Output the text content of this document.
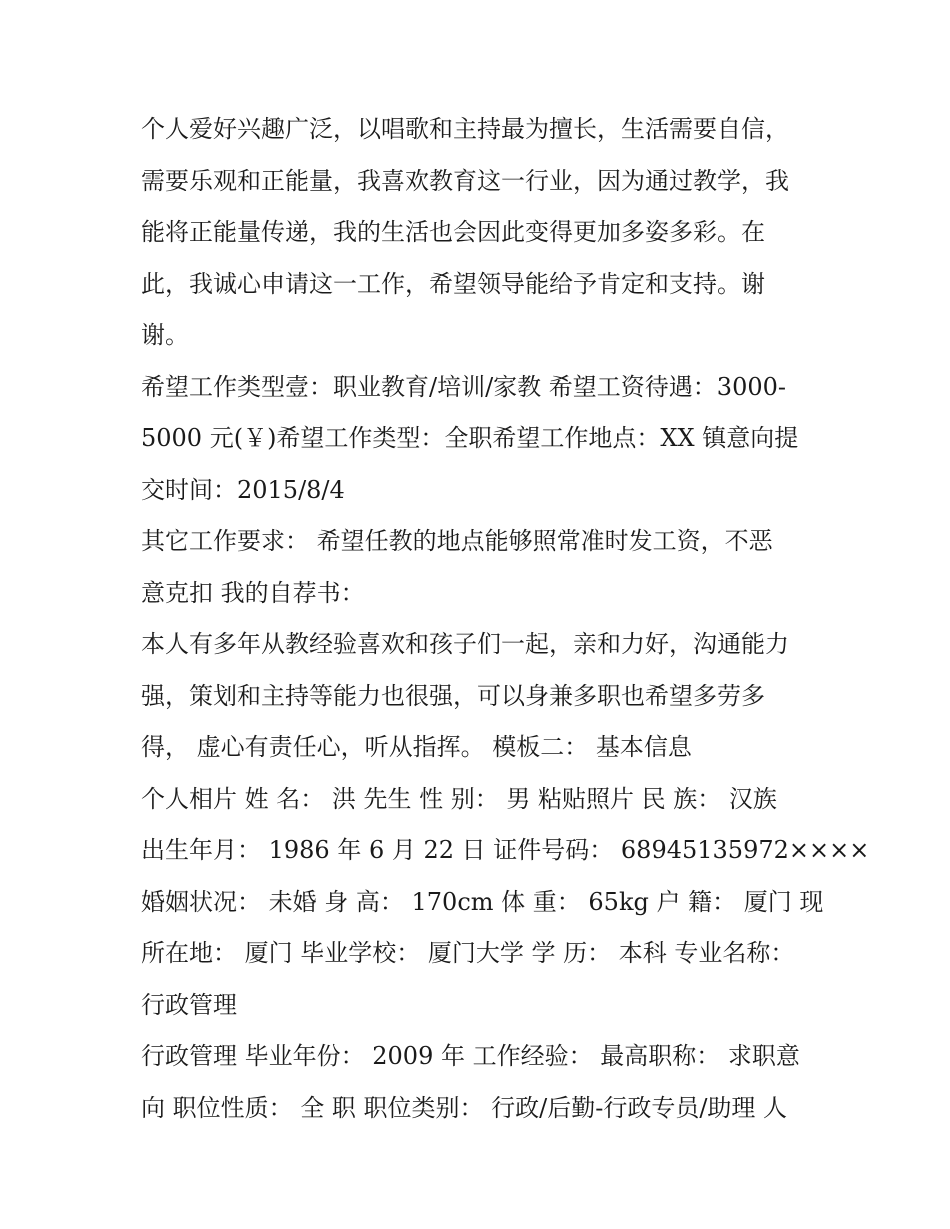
个人爱好兴趣广泛，以唱歌和主持最为擅长，生活需要自信，
需要乐观和正能量，我喜欢教育这一行业，因为通过教学，我
能将正能量传递，我的生活也会因此变得更加多姿多彩。在
此，我诚心申请这一工作，希望领导能给予肯定和支持。谢
谢。
希望工作类型壹：职业教育/培训/家教 希望工资待遇：3000-
5000 元(￥)希望工作类型：全职希望工作地点：XX 镇意向提
交时间：2015/8/4
其它工作要求： 希望任教的地点能够照常准时发工资，不恶
意克扣 我的自荐书：
本人有多年从教经验喜欢和孩子们一起，亲和力好，沟通能力
强，策划和主持等能力也很强，可以身兼多职也希望多劳多
得， 虚心有责任心，听从指挥。 模板二： 基本信息
个人相片 姓 名： 洪 先生 性 别： 男 粘贴照片 民 族： 汉族
出生年月： 1986 年 6 月 22 日 证件号码： 68945135972××××
婚姻状况： 未婚 身 高： 170cm 体 重： 65kg 户 籍： 厦门 现
所在地： 厦门 毕业学校： 厦门大学 学 历： 本科 专业名称：
行政管理
行政管理 毕业年份： 2009 年 工作经验： 最高职称： 求职意
向 职位性质： 全 职 职位类别： 行政/后勤-行政专员/助理 人
